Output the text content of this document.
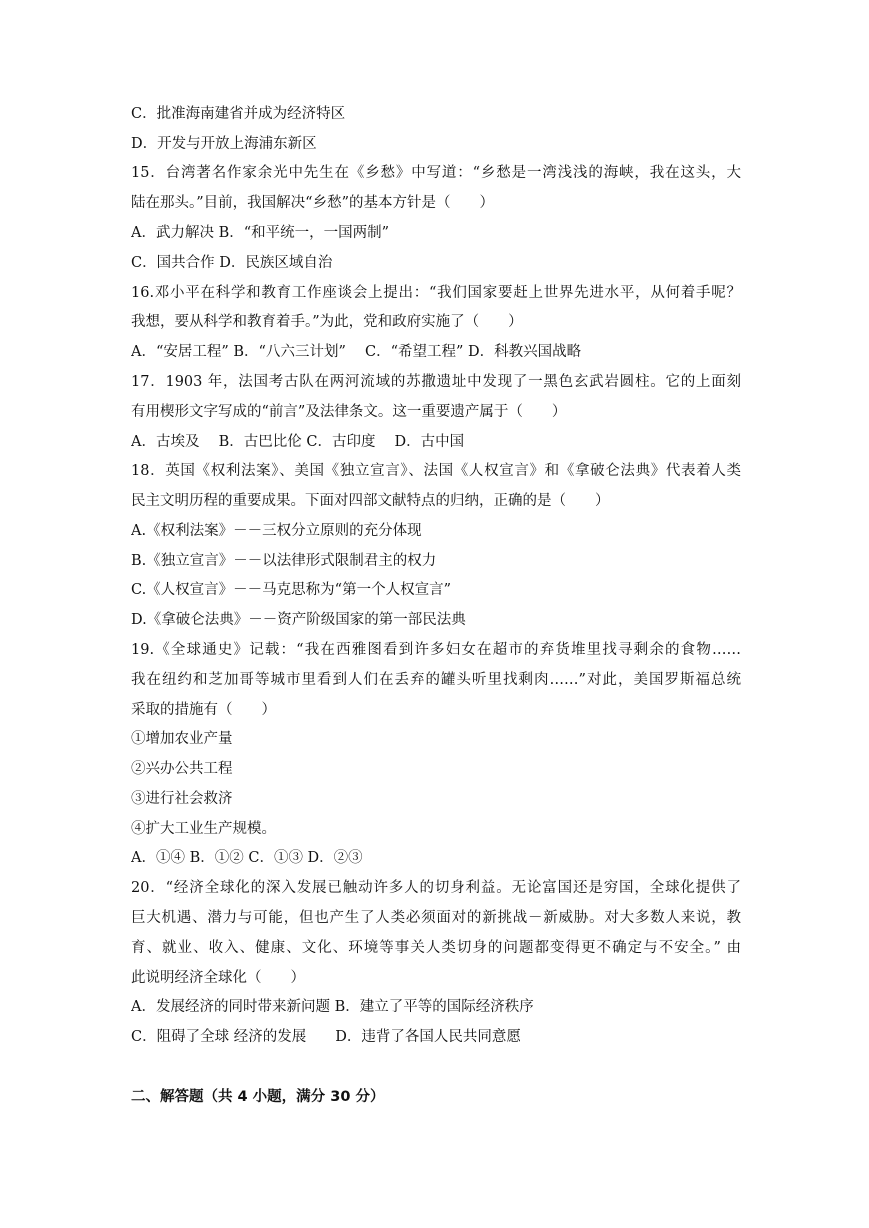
C．批准海南建省并成为经济特区
D．开发与开放上海浦东新区
15．台湾著名作家余光中先生在《乡愁》中写道：“乡愁是一湾浅浅的海峡，我在这头，大
陆在那头。”目前，我国解决“乡愁”的基本方针是（　　）
A．武力解决 B．“和平统一，一国两制”
C．国共合作 D．民族区域自治
16.邓小平在科学和教育工作座谈会上提出：“我们国家要赶上世界先进水平，从何着手呢？
我想，要从科学和教育着手。”为此，党和政府实施了（　　）
A．“安居工程” B．“八六三计划”　 C．“希望工程” D．科教兴国战略
17．1903 年，法国考古队在两河流域的苏撒遗址中发现了一黑色玄武岩圆柱。它的上面刻
有用楔形文字写成的“前言”及法律条文。这一重要遗产属于（　　）
A．古埃及　 B．古巴比伦 C．古印度　 D．古中国
18．英国《权利法案》、美国《独立宣言》、法国《人权宣言》和《拿破仑法典》代表着人类
民主文明历程的重要成果。下面对四部文献特点的归纳，正确的是（　　）
A.《权利法案》－－三权分立原则的充分体现
B.《独立宣言》－－以法律形式限制君主的权力
C.《人权宣言》－－马克思称为“第一个人权宣言”
D.《拿破仑法典》－－资产阶级国家的第一部民法典
19.《全球通史》记载：“我在西雅图看到许多妇女在超市的弃货堆里找寻剩余的食物……
我在纽约和芝加哥等城市里看到人们在丢弃的罐头听里找剩肉……”对此，美国罗斯福总统
采取的措施有（　　）
①增加农业产量
②兴办公共工程
③进行社会救济
④扩大工业生产规模。
A．①④ B．①② C．①③ D．②③
20．“经济全球化的深入发展已触动许多人的切身利益。无论富国还是穷国，全球化提供了
巨大机遇、潜力与可能，但也产生了人类必须面对的新挑战－新威胁。对大多数人来说，教
育、就业、收入、健康、文化、环境等事关人类切身的问题都变得更不确定与不安全。” 由
此说明经济全球化（　　）
A．发展经济的同时带来新问题 B．建立了平等的国际经济秩序
C．阻碍了全球 经济的发展　　D．违背了各国人民共同意愿
二、解答题（共 4 小题，满分 30 分）
